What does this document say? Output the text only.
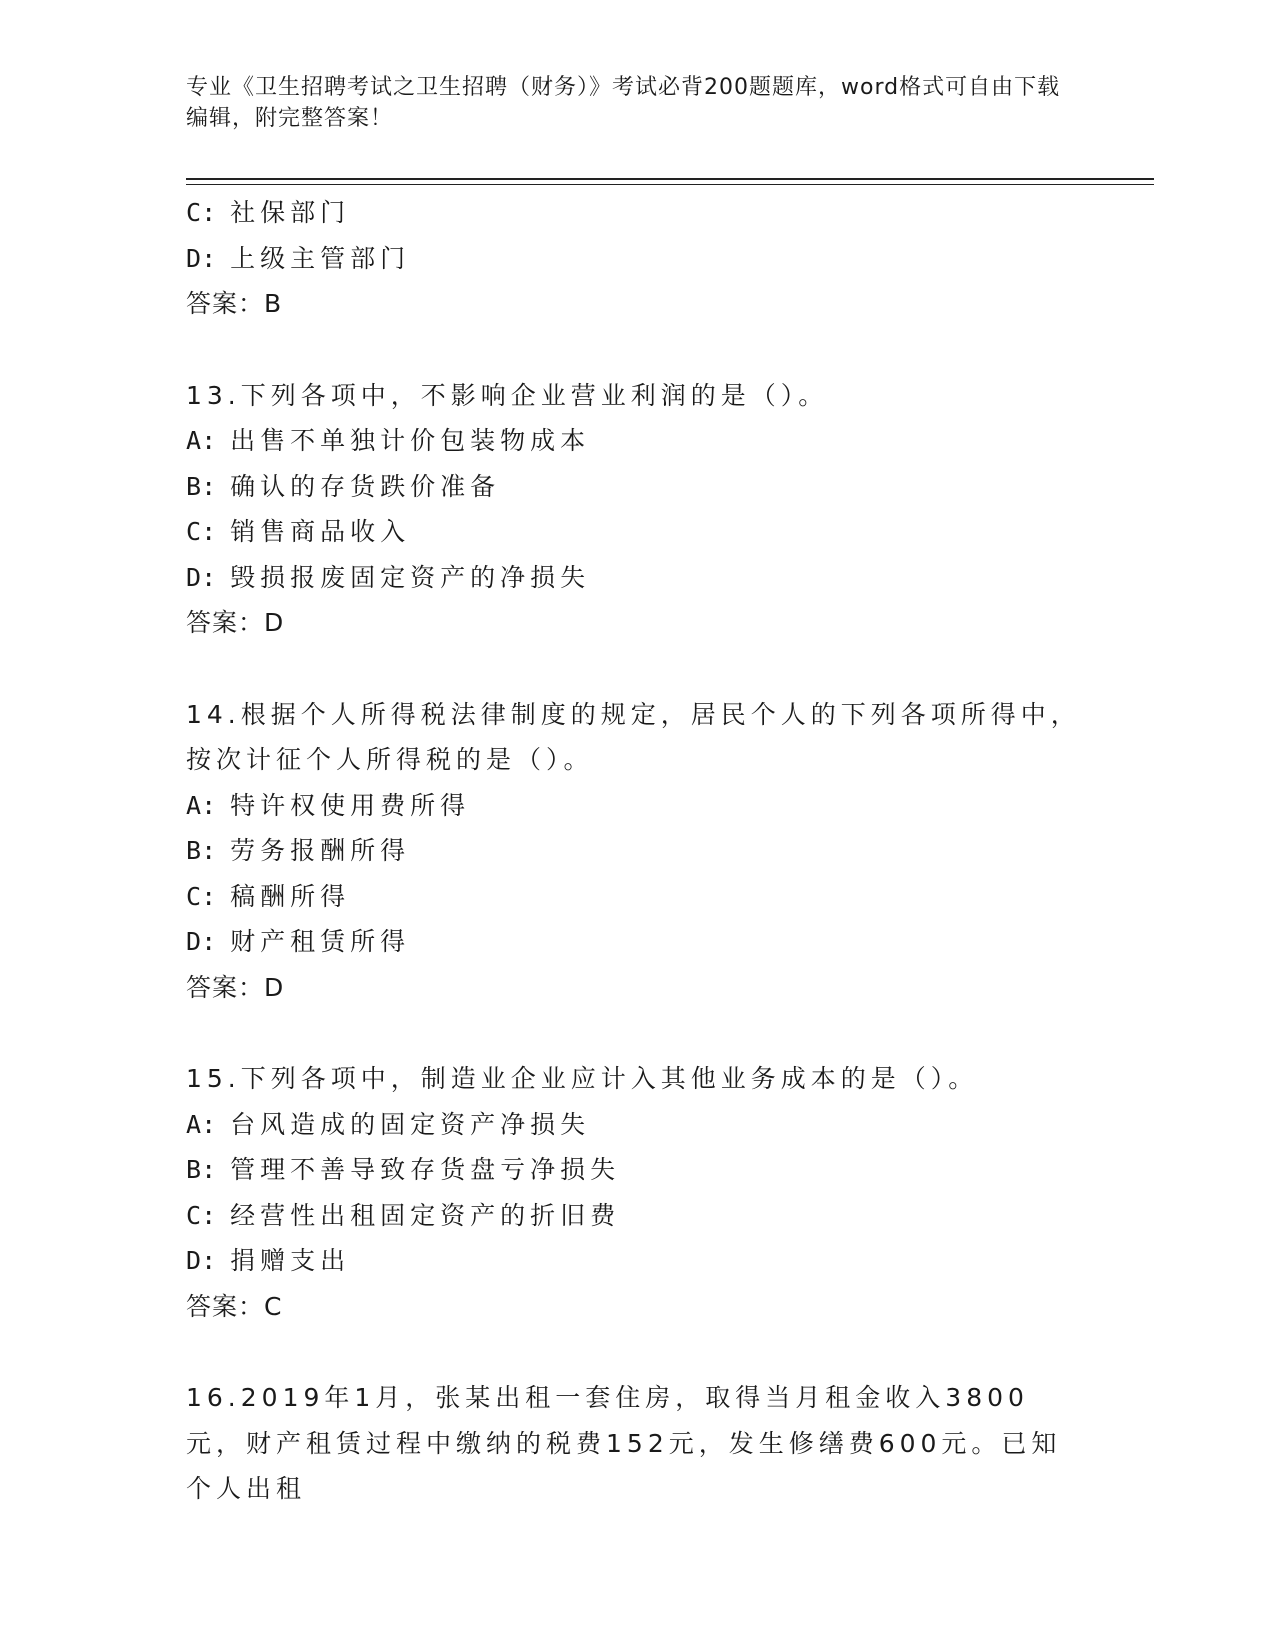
专业《卫生招聘考试之卫生招聘（财务）》考试必背200题题库，word格式可自由下载编辑，附完整答案！
C: 社保部门
D: 上级主管部门
答案：B
13.下列各项中，不影响企业营业利润的是（）。
A: 出售不单独计价包装物成本
B: 确认的存货跌价准备
C: 销售商品收入
D: 毁损报废固定资产的净损失
答案：D
14.根据个人所得税法律制度的规定，居民个人的下列各项所得中，按次计征个人所得税的是（）。
A: 特许权使用费所得
B: 劳务报酬所得
C: 稿酬所得
D: 财产租赁所得
答案：D
15.下列各项中，制造业企业应计入其他业务成本的是（）。
A: 台风造成的固定资产净损失
B: 管理不善导致存货盘亏净损失
C: 经营性出租固定资产的折旧费
D: 捐赠支出
答案：C
16.2019年1月，张某出租一套住房，取得当月租金收入3800元，财产租赁过程中缴纳的税费152元，发生修缮费600元。已知个人出租
